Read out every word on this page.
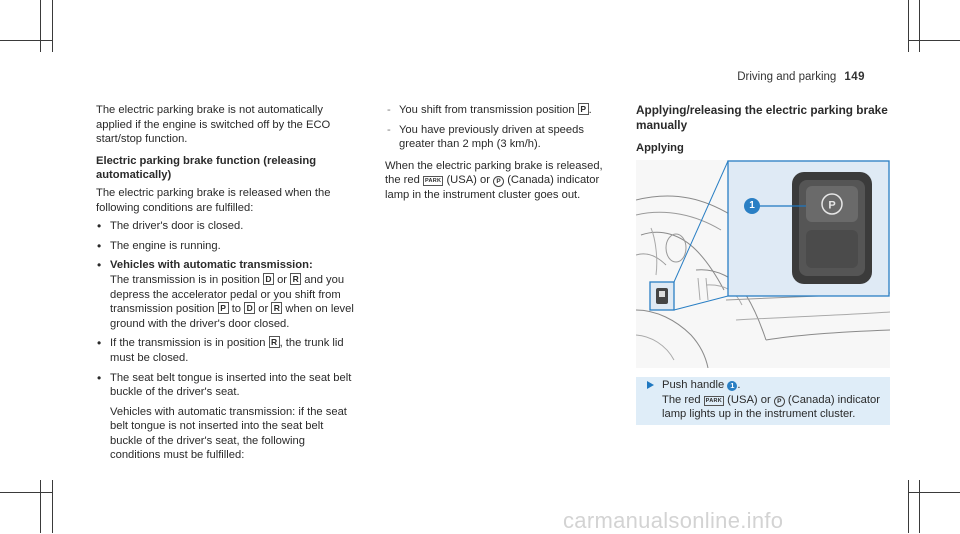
Driving and parking 149

The electric parking brake is not automatically applied if the engine is switched off by the ECO start/stop function.

Electric parking brake function (releasing automatically)

The electric parking brake is released when the following conditions are fulfilled:

• The driver's door is closed.
• The engine is running.
• Vehicles with automatic transmission:
The transmission is in position D or R and you depress the accelerator pedal or you shift from transmission position P to D or R when on level ground with the driver's door closed.
• If the transmission is in position R , the trunk lid must be closed.
• The seat belt tongue is inserted into the seat belt buckle of the driver's seat.
Vehicles with automatic transmission: if the seat belt tongue is not inserted into the seat belt buckle of the driver's seat, the following conditions must be fulfilled:
- You shift from transmission position P .
- You have previously driven at speeds greater than 2 mph (3 km/h).

When the electric parking brake is released, the red PARK (USA) or P (Canada) indicator lamp in the instrument cluster goes out.

Applying/releasing the electric parking brake manually

Applying

P
1
Push handle 1 .
The red PARK (USA) or P (Canada) indicator lamp lights up in the instrument cluster.
carmanualsonline.info
